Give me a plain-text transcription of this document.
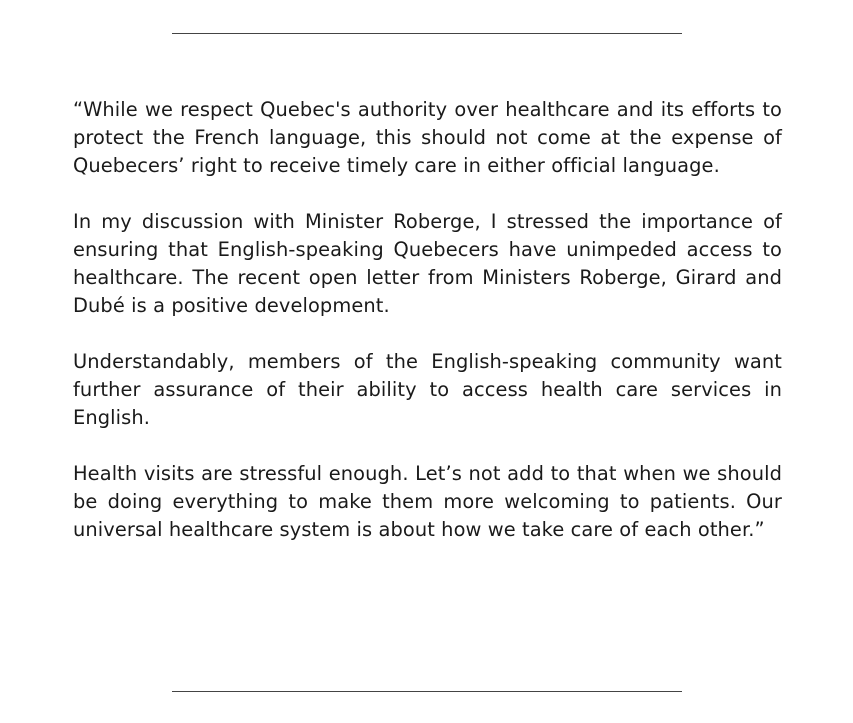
“While we respect Quebec's authority over healthcare and its efforts to protect the French language, this should not come at the expense of Quebecers’ right to receive timely care in either official language.

In my discussion with Minister Roberge, I stressed the importance of ensuring that English-speaking Quebecers have unimpeded access to healthcare. The recent open letter from Ministers Roberge, Girard and Dubé is a positive development.

Understandably, members of the English-speaking community want further assurance of their ability to access health care services in English.

Health visits are stressful enough. Let’s not add to that when we should be doing everything to make them more welcoming to patients. Our universal healthcare system is about how we take care of each other.”
